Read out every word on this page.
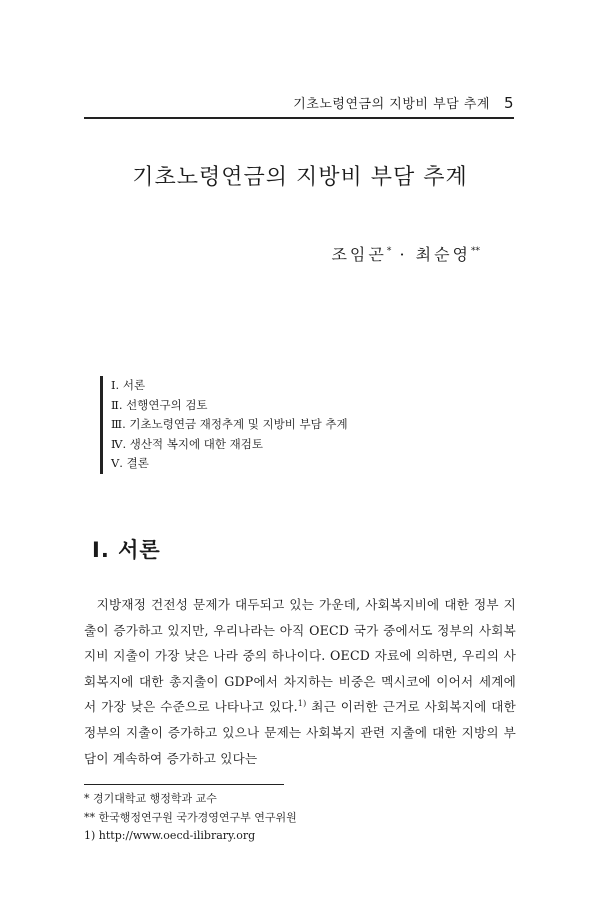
기초노령연금의 지방비 부담 추계 5
기초노령연금의 지방비 부담 추계
조임곤* · 최순영**
Ⅰ. 서론
Ⅱ. 선행연구의 검토
Ⅲ. 기초노령연금 재정추계 및 지방비 부담 추계
Ⅳ. 생산적 복지에 대한 재검토
Ⅴ. 결론
Ⅰ. 서론

지방재정 건전성 문제가 대두되고 있는 가운데, 사회복지비에 대한 정부 지출이 증가하고 있지만, 우리나라는 아직 OECD 국가 중에서도 정부의 사회복지비 지출이 가장 낮은 나라 중의 하나이다. OECD 자료에 의하면, 우리의 사회복지에 대한 총지출이 GDP에서 차지하는 비중은 멕시코에 이어서 세계에서 가장 낮은 수준으로 나타나고 있다.$^{1)}$ 최근 이러한 근거로 사회복지에 대한 정부의 지출이 증가하고 있으나 문제는 사회복지 관련 지출에 대한 지방의 부담이 계속하여 증가하고 있다는

* 경기대학교 행정학과 교수
** 한국행정연구원 국가경영연구부 연구위원
1) http://www.oecd-ilibrary.org
